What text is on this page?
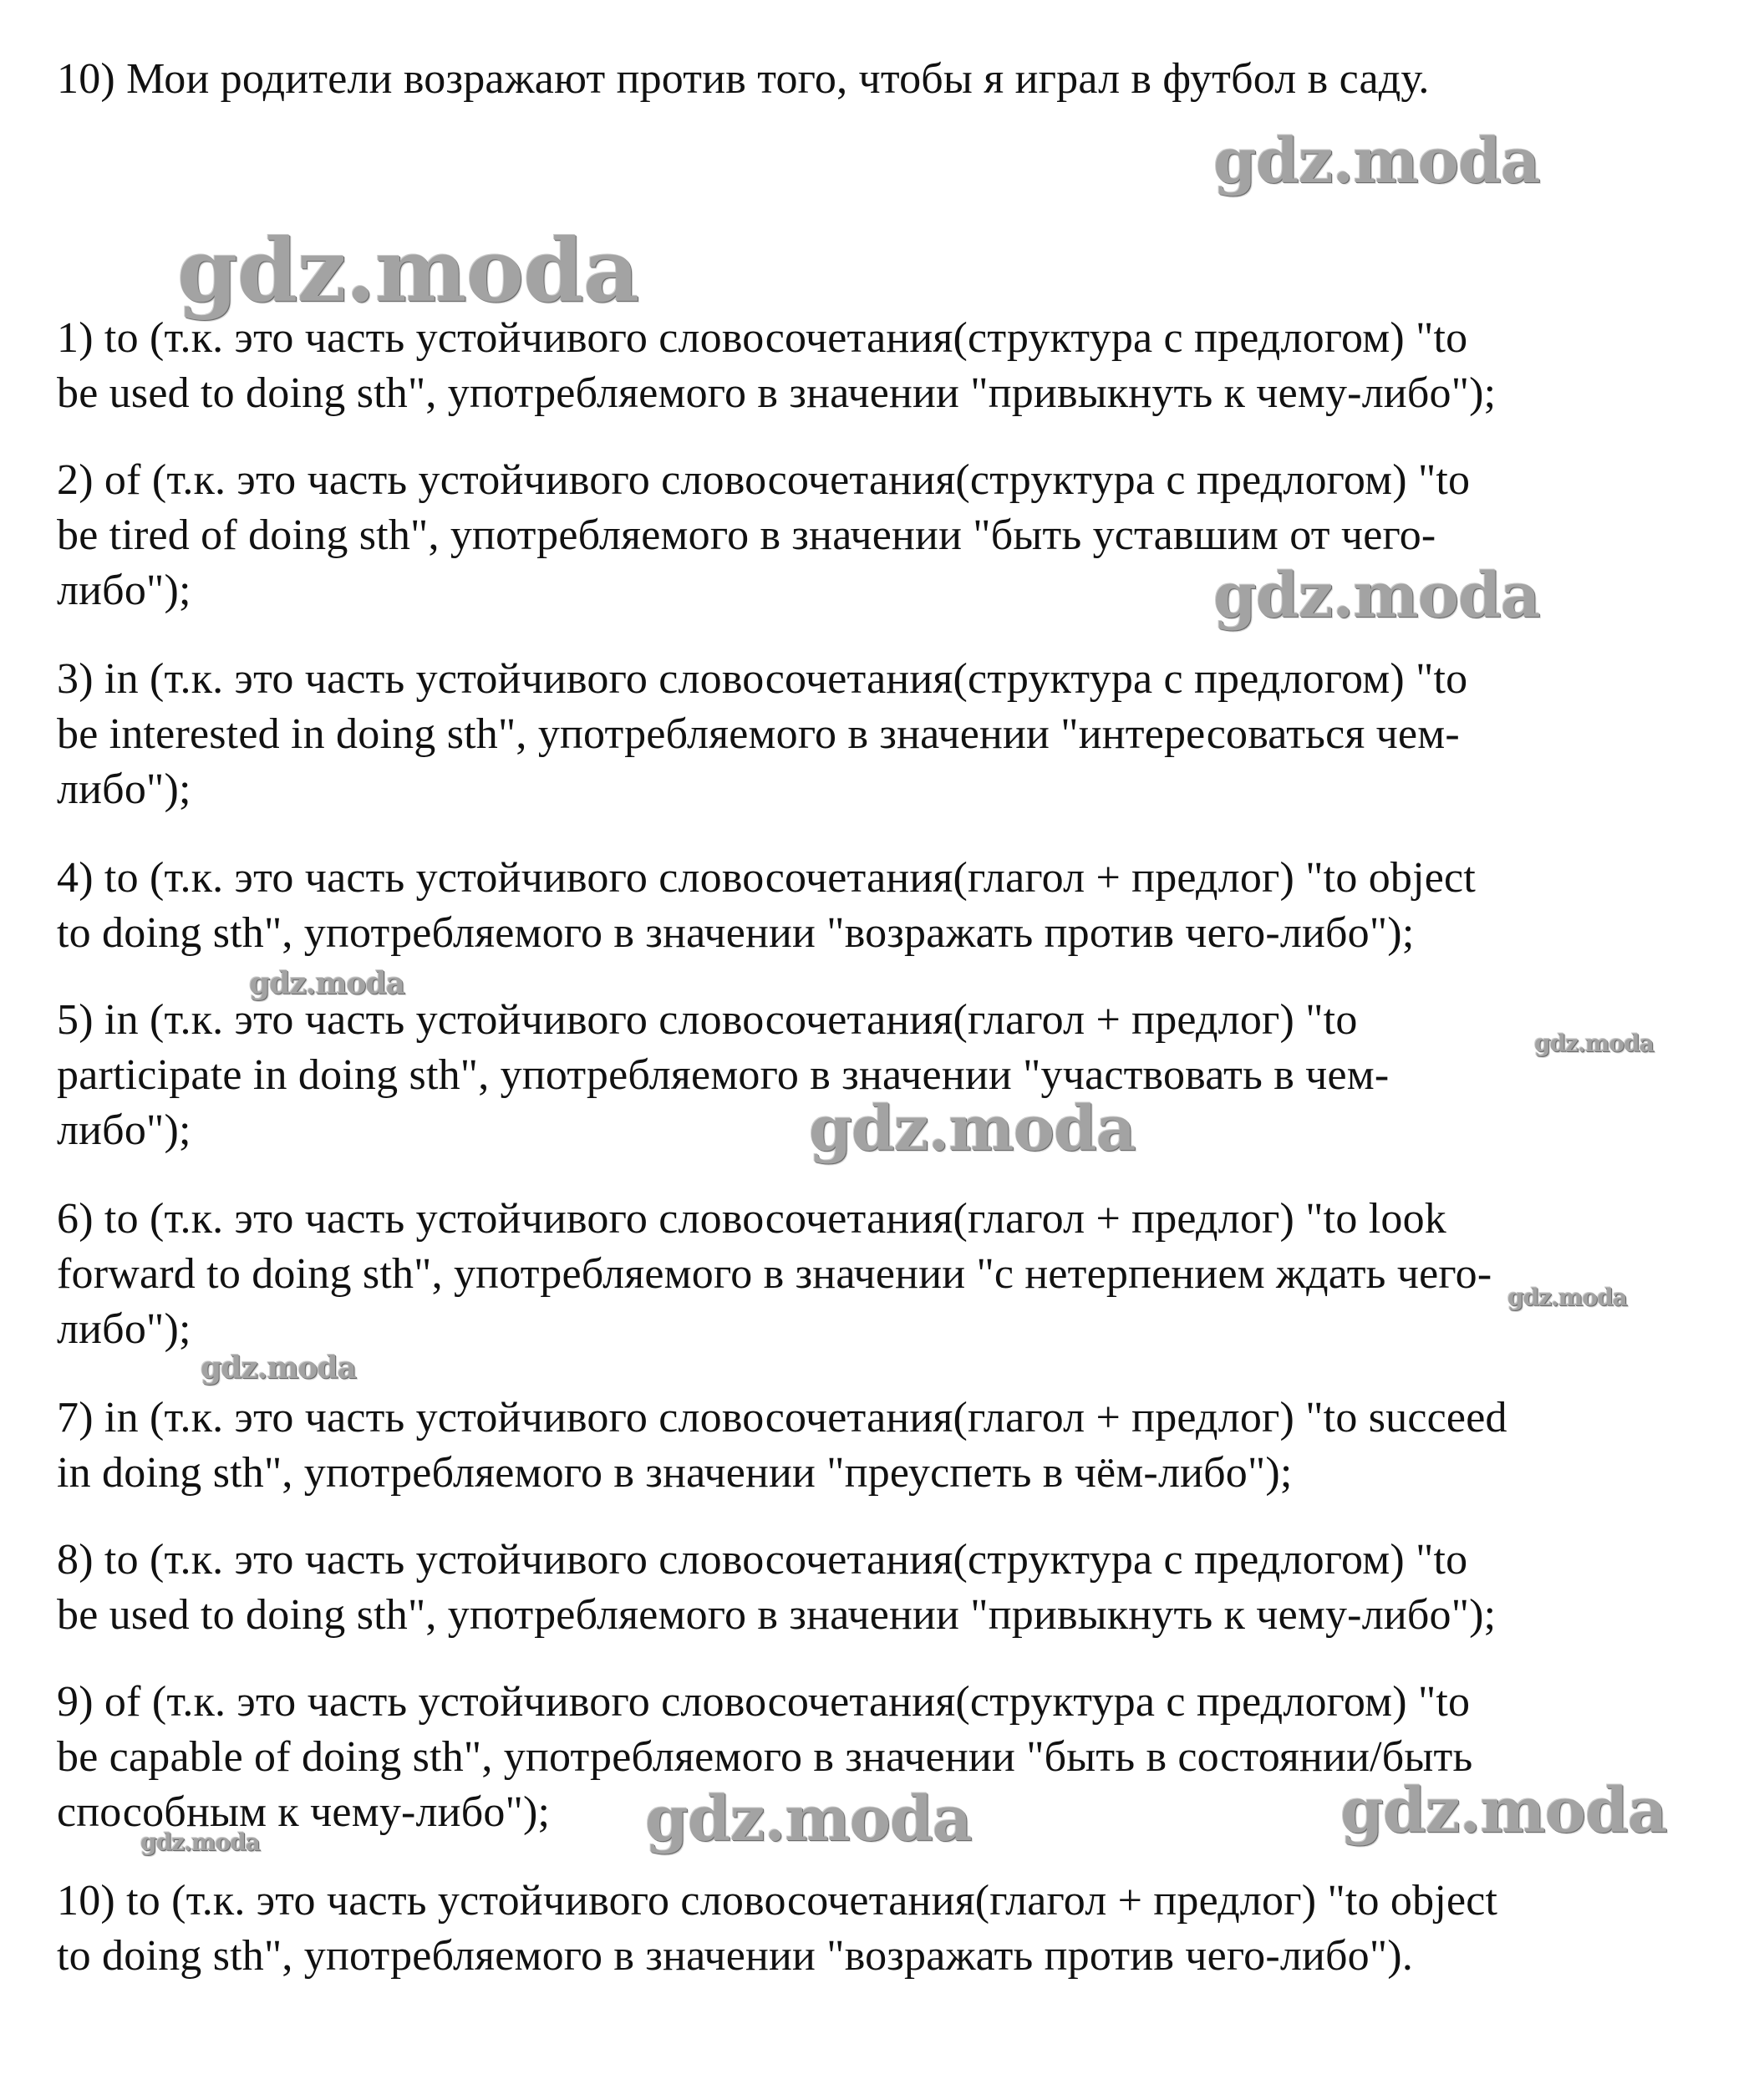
10) Мои родители возражают против того, чтобы я играл в футбол в саду.
1) to (т.к. это часть устойчивого словосочетания(структура с предлогом) "to
be used to doing sth", употребляемого в значении "привыкнуть к чему-либо");
2) of (т.к. это часть устойчивого словосочетания(структура с предлогом) "to
be tired of doing sth", употребляемого в значении "быть уставшим от чего-
либо");
3) in (т.к. это часть устойчивого словосочетания(структура с предлогом) "to
be interested in doing sth", употребляемого в значении "интересоваться чем-
либо");
4) to (т.к. это часть устойчивого словосочетания(глагол + предлог) "to object
to doing sth", употребляемого в значении "возражать против чего-либо");
5) in (т.к. это часть устойчивого словосочетания(глагол + предлог) "to
participate in doing sth", употребляемого в значении "участвовать в чем-
либо");
6) to (т.к. это часть устойчивого словосочетания(глагол + предлог) "to look
forward to doing sth", употребляемого в значении "с нетерпением ждать чего-
либо");
7) in (т.к. это часть устойчивого словосочетания(глагол + предлог) "to succeed
in doing sth", употребляемого в значении "преуспеть в чём-либо");
8) to (т.к. это часть устойчивого словосочетания(структура с предлогом) "to
be used to doing sth", употребляемого в значении "привыкнуть к чему-либо");
9) of (т.к. это часть устойчивого словосочетания(структура с предлогом) "to
be capable of doing sth", употребляемого в значении "быть в состоянии/быть
способным к чему-либо");
10) to (т.к. это часть устойчивого словосочетания(глагол + предлог) "to object
to doing sth", употребляемого в значении "возражать против чего-либо").
gdz.moda
gdz.moda
gdz.moda
gdz.moda
gdz.moda
gdz.moda
gdz.moda
gdz.moda
gdz.moda	gdz.moda
gdz.moda
